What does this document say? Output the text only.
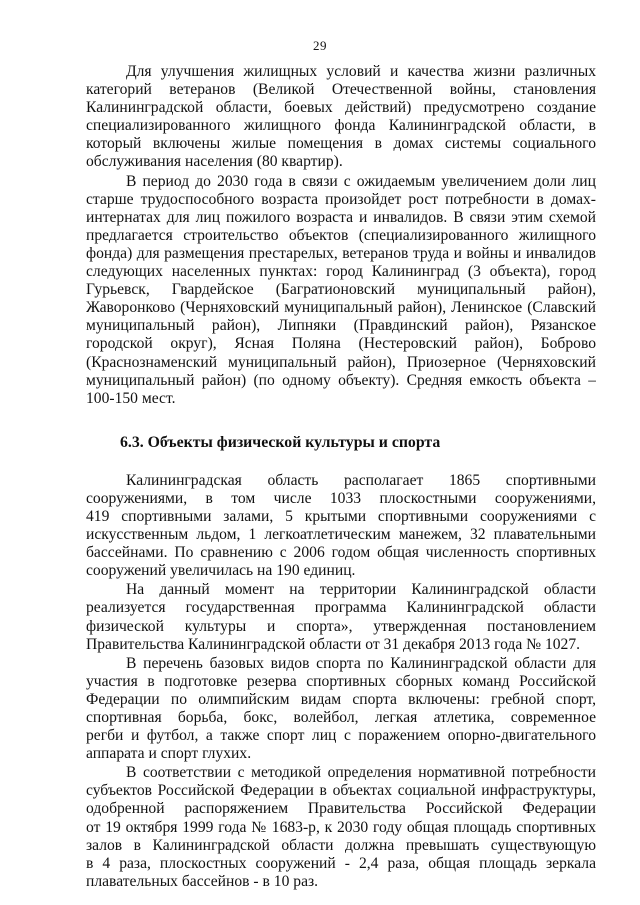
29
Для улучшения жилищных условий и качества жизни различных
категорий ветеранов (Великой Отечественной войны, становления
Калининградской области, боевых действий) предусмотрено создание
специализированного жилищного фонда Калининградской области, в
который включены жилые помещения в домах системы социального
обслуживания населения (80 квартир).
В период до 2030 года в связи с ожидаемым увеличением доли лиц
старше трудоспособного возраста произойдет рост потребности в домах-
интернатах для лиц пожилого возраста и инвалидов. В связи этим схемой
предлагается строительство объектов (специализированного жилищного
фонда) для размещения престарелых, ветеранов труда и войны и инвалидов
следующих населенных пунктах: город Калининград (3 объекта), город
Гурьевск, Гвардейское (Багратионовский муниципальный район),
Жаворонково (Черняховский муниципальный район), Ленинское (Славский
муниципальный район), Липняки (Правдинский район), Рязанское
городской округ), Ясная Поляна (Нестеровский район), Боброво
(Краснознаменский муниципальный район), Приозерное (Черняховский
муниципальный район) (по одному объекту). Средняя емкость объекта –
100-150 мест.
6.3. Объекты физической культуры и спорта
Калининградская область располагает 1865 спортивными
сооружениями, в том числе 1033 плоскостными сооружениями,
419 спортивными залами, 5 крытыми спортивными сооружениями с
искусственным льдом, 1 легкоатлетическим манежем, 32 плавательными
бассейнами. По сравнению с 2006 годом общая численность спортивных
сооружений увеличилась на 190 единиц.
На данный момент на территории Калининградской области
реализуется государственная программа Калининградской области
физической культуры и спорта», утвержденная постановлением
Правительства Калининградской области от 31 декабря 2013 года № 1027.
В перечень базовых видов спорта по Калининградской области для
участия в подготовке резерва спортивных сборных команд Российской
Федерации по олимпийским видам спорта включены: гребной спорт,
спортивная борьба, бокс, волейбол, легкая атлетика, современное
регби и футбол, а также спорт лиц с поражением опорно-двигательного
аппарата и спорт глухих.
В соответствии с методикой определения нормативной потребности
субъектов Российской Федерации в объектах социальной инфраструктуры,
одобренной распоряжением Правительства Российской Федерации
от 19 октября 1999 года № 1683-р, к 2030 году общая площадь спортивных
залов в Калининградской области должна превышать существующую
в 4 раза, плоскостных сооружений - 2,4 раза, общая площадь зеркала
плавательных бассейнов - в 10 раз.
